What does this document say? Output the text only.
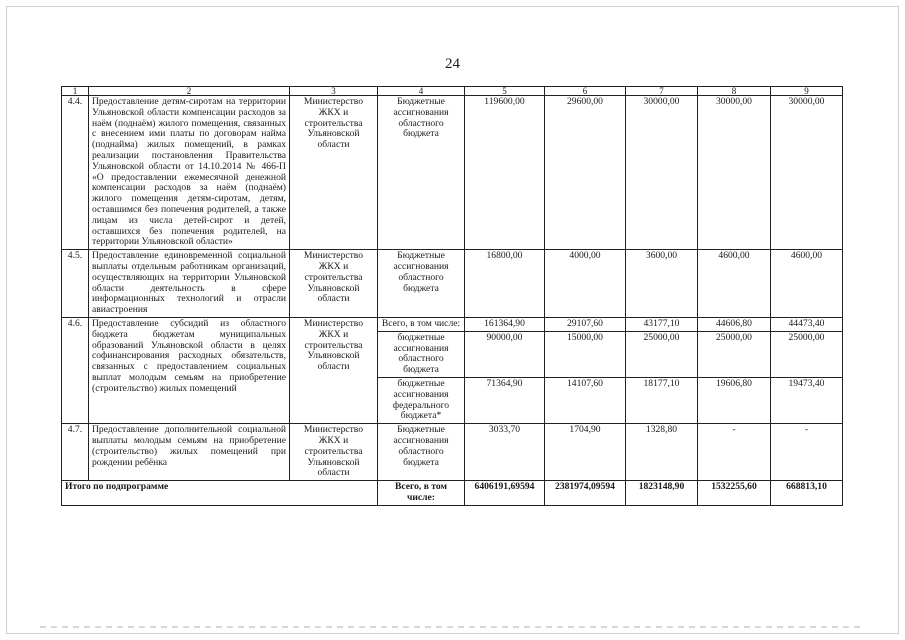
24
1	2	3	4	5	6	7	8	9
4.4.	Предоставление детям-сиротам на территории Ульяновской области компенсации расходов за наём (поднаём) жилого помещения, связанных с внесением ими платы по договорам найма (поднайма) жилых помещений, в рамках реализации постановления Правительства Ульяновской области от 14.10.2014 № 466-П «О предоставлении ежемесячной денежной компенсации расходов за наём (поднаём) жилого помещения детям-сиротам, детям, оставшимся без попечения родителей, а также лицам из числа детей-сирот и детей, оставшихся без попечения родителей, на территории Ульяновской области»	Министерство ЖКХ и строительства Ульяновской области	Бюджетные ассигнования областного бюджета	119600,00	29600,00	30000,00	30000,00	30000,00
4.5.	Предоставление единовременной социальной выплаты отдельным работникам организаций, осуществляющих на территории Ульяновской области деятельность в сфере информационных технологий и отрасли авиастроения	Министерство ЖКХ и строительства Ульяновской области	Бюджетные ассигнования областного бюджета	16800,00	4000,00	3600,00	4600,00	4600,00
4.6.	Предоставление субсидий из областного бюджета бюджетам муниципальных образований Ульяновской области в целях софинансирования расходных обязательств, связанных с предоставлением социальных выплат молодым семьям на приобретение (строительство) жилых помещений	Министерство ЖКХ и строительства Ульяновской области	Всего, в том числе:	161364,90	29107,60	43177,10	44606,80	44473,40
			бюджетные ассигнования областного бюджета	90000,00	15000,00	25000,00	25000,00	25000,00
			бюджетные ассигнования федерального бюджета*	71364,90	14107,60	18177,10	19606,80	19473,40
4.7.	Предоставление дополнительной социальной выплаты молодым семьям на приобретение (строительство) жилых помещений при рождении ребёнка	Министерство ЖКХ и строительства Ульяновской области	Бюджетные ассигнования областного бюджета	3033,70	1704,90	1328,80	-	-
Итого по подпрограмме			Всего, в том числе:	6406191,69594	2381974,09594	1823148,90	1532255,60	668813,10
